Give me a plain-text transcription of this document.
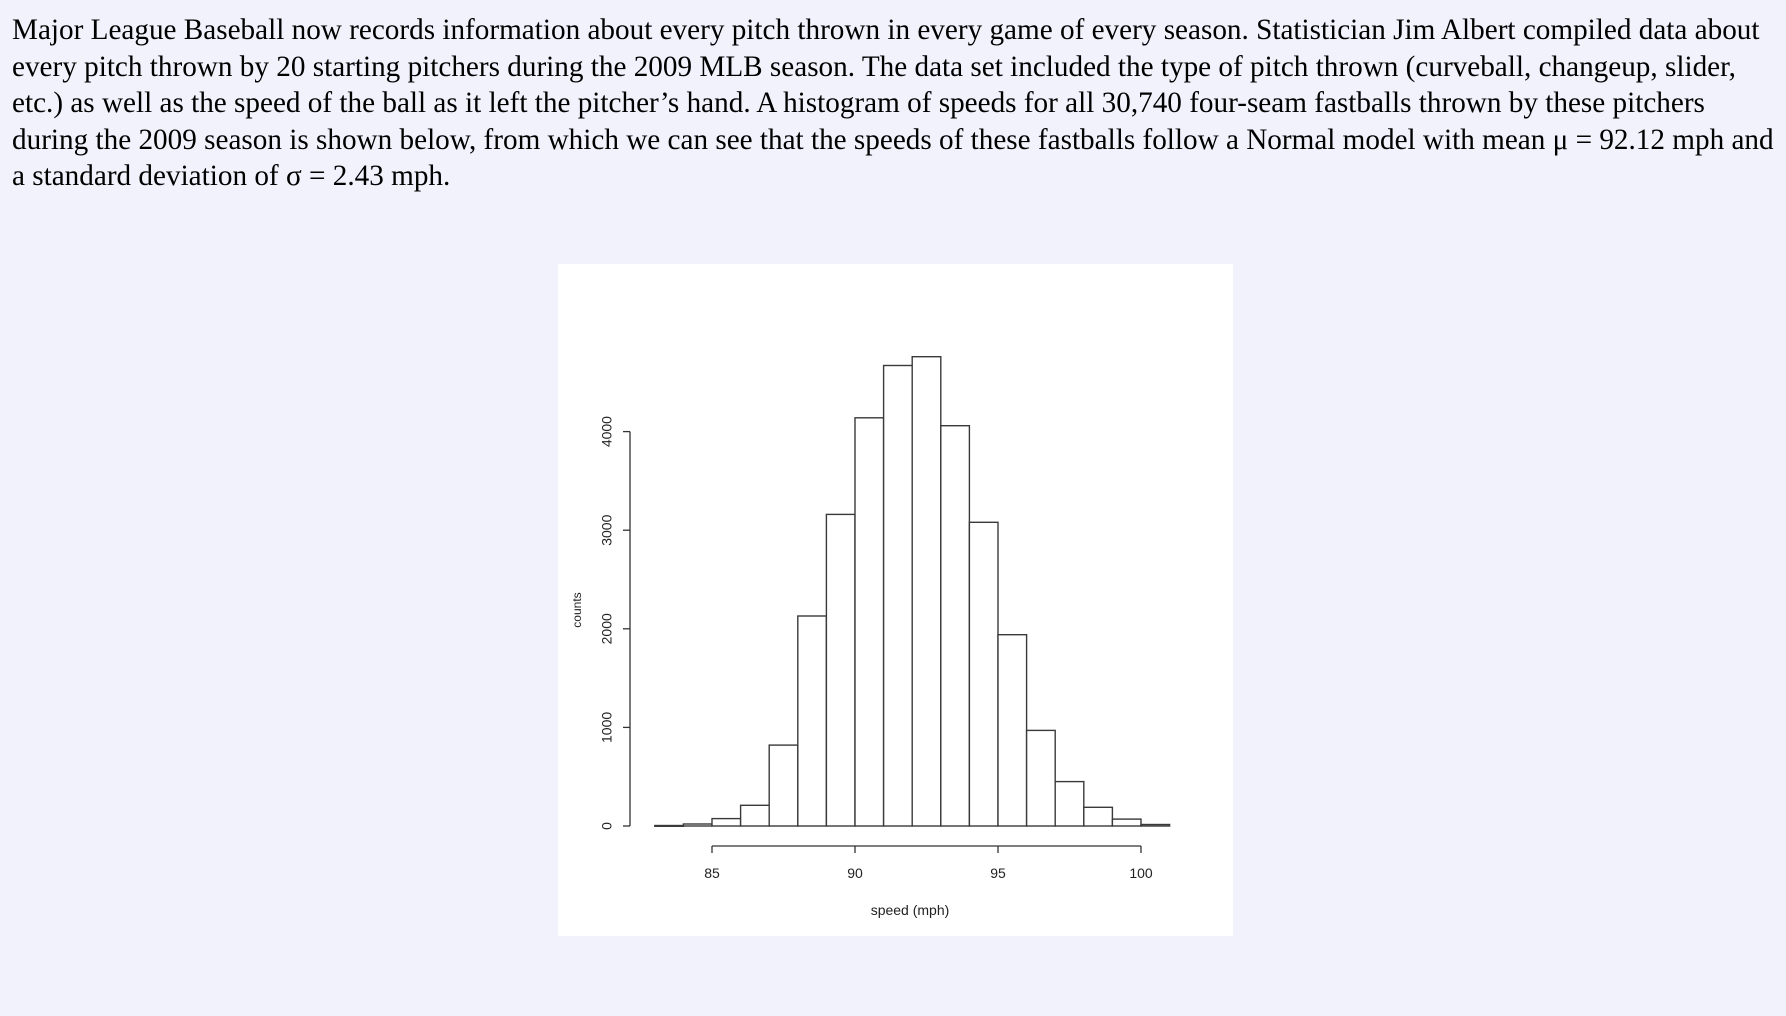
Major League Baseball now records information about every pitch thrown in every game of every season. Statistician Jim Albert compiled data about every pitch thrown by 20 starting pitchers during the 2009 MLB season. The data set included the type of pitch thrown (curveball, changeup, slider, etc.) as well as the speed of the ball as it left the pitcher’s hand. A histogram of speeds for all 30,740 four-seam fastballs thrown by these pitchers during the 2009 season is shown below, from which we can see that the speeds of these fastballs follow a Normal model with mean μ = 92.12 mph and a standard deviation of σ = 2.43 mph.

85	90	95	100
0
1000
2000
3000
4000
speed (mph)
counts
